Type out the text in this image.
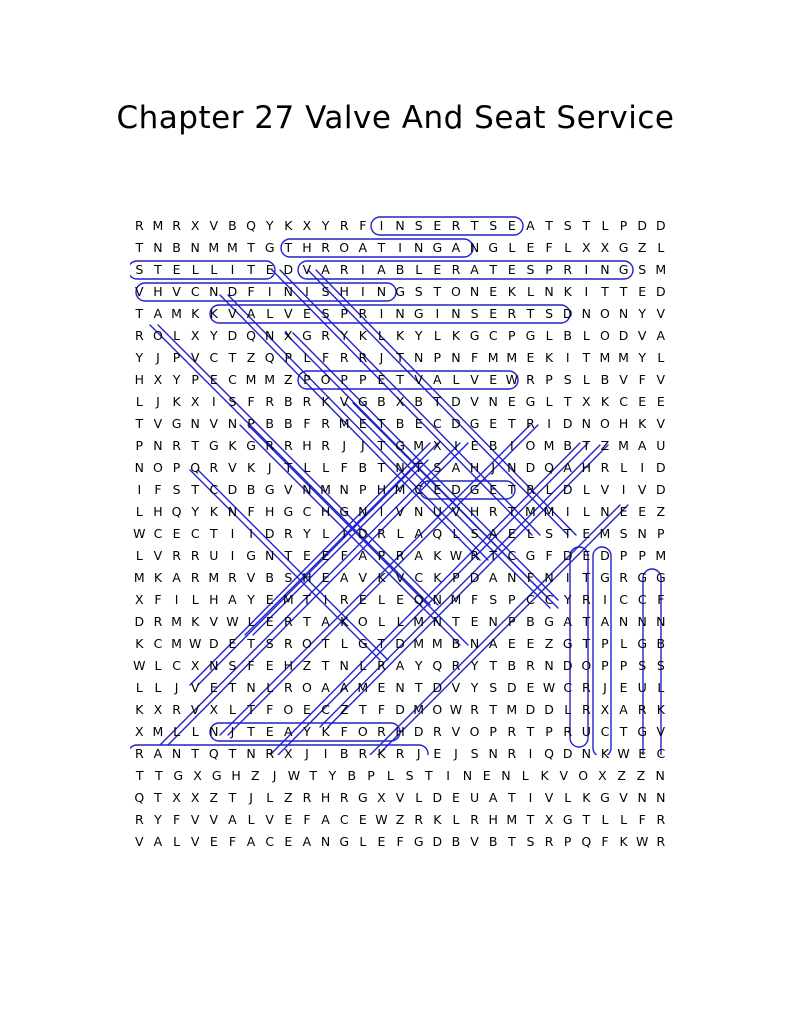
Chapter 27 Valve And Seat Service
R M R X V B Q Y K X Y R F	I N S E R T S E A T S T L P D D
T N B N M M T G T H R O A T	I N G A N G L E F L X X G Z L
S T E L L	I	T E D V A R I	A B L E R A T E S P R I N G S M
V H V C N D F	I N I	S H I N G S T O N E K L N K	I	T T E D
T A M K K V A L V E S P R I N G I N S E R T S D N O N Y V
R O L X Y D Q N X G R Y K L K Y L K G C P G L B L O D V A
Y	J	P V C T Z Q P L F R R J	T N P N F M M E K	I	T M M Y L
H X Y P E C M M Z P O P P E T V A L V E W R P S L B V F V
L	J	K X	I	S F R B R K V G B X B T D V N E G L T X K C E E
T V G N V N P B B F R M E T B E C D G E T R I D N O H K V
P N R T G K G R R H R J	J	T G M X	I	E B	I O M B T Z M A U
N O P Q R V K	J	T L L F B T N T S A H J N D Q A H R L	I D
I	F S T C D B G V N M N P H M C E D G E T R L D L V	I	V D
L H Q Y K N F H G C H G N I	V N U V H R T M M I	L N E E Z
W C E C T	I	I D R Y L	I D R L A Q L S A E L S T E M S N P
L V R R U I G N T E E F A P R A K W R T C G F D E D P P M
M K A R M R V B S H E A V K V C K P D A N F N I	T G R G G
X F	I	L H A Y E M T	I R E L E Q N M F S P C C Y R I C C F
D R M K V W L E R T A K O L L M N T E N P B G A T A N N N
K C M W D E T S R O T L G T D M M B N A E E Z G T P L G B
W L C X N S F E H Z T N L R A Y Q R Y T B R N D O P P S S
L L	J	V E T N L R O A A M E N T D V Y S D E W C R J	E U L
K X R V X L T F O E C Z T F D M O W R T M D D L R X A R K
X M L L N J	T E A Y K F O R H D R V O P R T P R U C T G V
R A N T Q T N R X	J	I B R K R J	E	J	S N R I Q D N K W E C
T T G X G H Z	J W T Y B P L S T	I	N E N L K V O X Z Z N
Q T X X Z T	J	L Z R H R G X V L D E U A T	I	V L K G V N N
R Y F V V A L V E F A C E W Z R K L R H M T X G T L L F R
V A L V E F A C E A N G L E F G D B V B T S R P Q F K W R
